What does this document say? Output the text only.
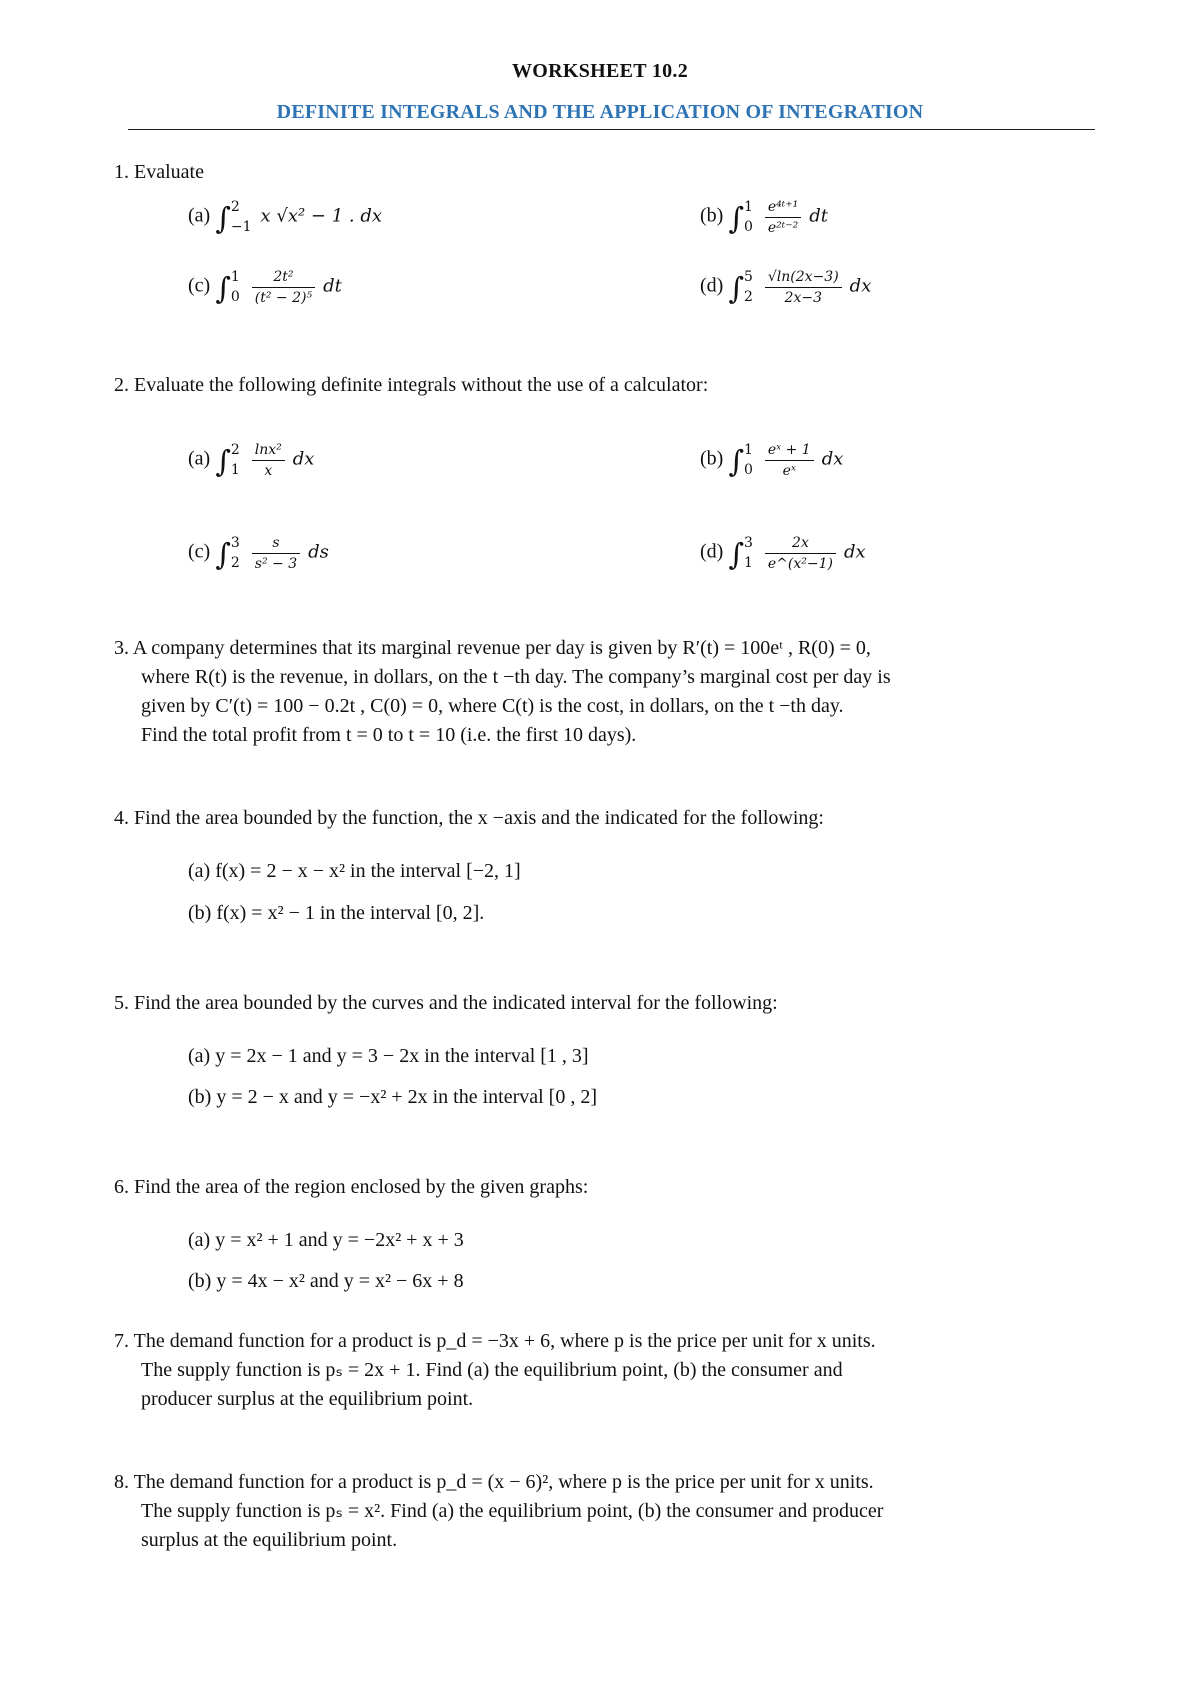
WORKSHEET 10.2
DEFINITE INTEGRALS AND THE APPLICATION OF INTEGRATION
1. Evaluate
(a) ∫ 2
−1
x √x² − 1 . dx	(b) ∫ 1
0
$\frac{\text{e⁴ᵗ⁺¹}}{\text{e²ᵗ⁻²}}$ dt
(c) ∫ 1
0
$\frac{\text{2t²}}{\text{(t² − 2)⁵}}$ dt	(d) ∫ 5
2
$\frac{√\ln(2x-3)}{2x-3}$ dx
2. Evaluate the following definite integrals without the use of a calculator:
(a) ∫ 2
1
$\frac{\text{lnx²}}{x}$ dx	(b) ∫ 1
0
$\frac{\text{eˣ + 1}}{\text{eˣ}}$ dx
(c) ∫ 3
2
$\frac{s}{\text{s² − 3}}$ ds	(d) ∫ 3
1
$\frac{2x}{\text{e\textasciicircum{}(x²−1)}}$ dx
3. A company determines that its marginal revenue per day is given by R′(t) = 100eᵗ , R(0) = 0,
where R(t) is the revenue, in dollars, on the t −th day. The company’s marginal cost per day is
given by C′(t) = 100 − 0.2t , C(0) = 0, where C(t) is the cost, in dollars, on the t −th day.
Find the total profit from t = 0 to t = 10 (i.e. the first 10 days).
4. Find the area bounded by the function, the x −axis and the indicated for the following:
(a) f(x) = 2 − x − x² in the interval [−2, 1]
(b) f(x) = x² − 1 in the interval [0, 2].
5. Find the area bounded by the curves and the indicated interval for the following:
(a) y = 2x − 1 and y = 3 − 2x in the interval [1 , 3]
(b) y = 2 − x and y = −x² + 2x in the interval [0 , 2]
6. Find the area of the region enclosed by the given graphs:
(a) y = x² + 1 and y = −2x² + x + 3
(b) y = 4x − x² and y = x² − 6x + 8
7. The demand function for a product is p_d = −3x + 6, where p is the price per unit for x units.
The supply function is pₛ = 2x + 1. Find (a) the equilibrium point, (b) the consumer and
producer surplus at the equilibrium point.
8. The demand function for a product is p_d = (x − 6)², where p is the price per unit for x units.
The supply function is pₛ = x². Find (a) the equilibrium point, (b) the consumer and producer
surplus at the equilibrium point.
